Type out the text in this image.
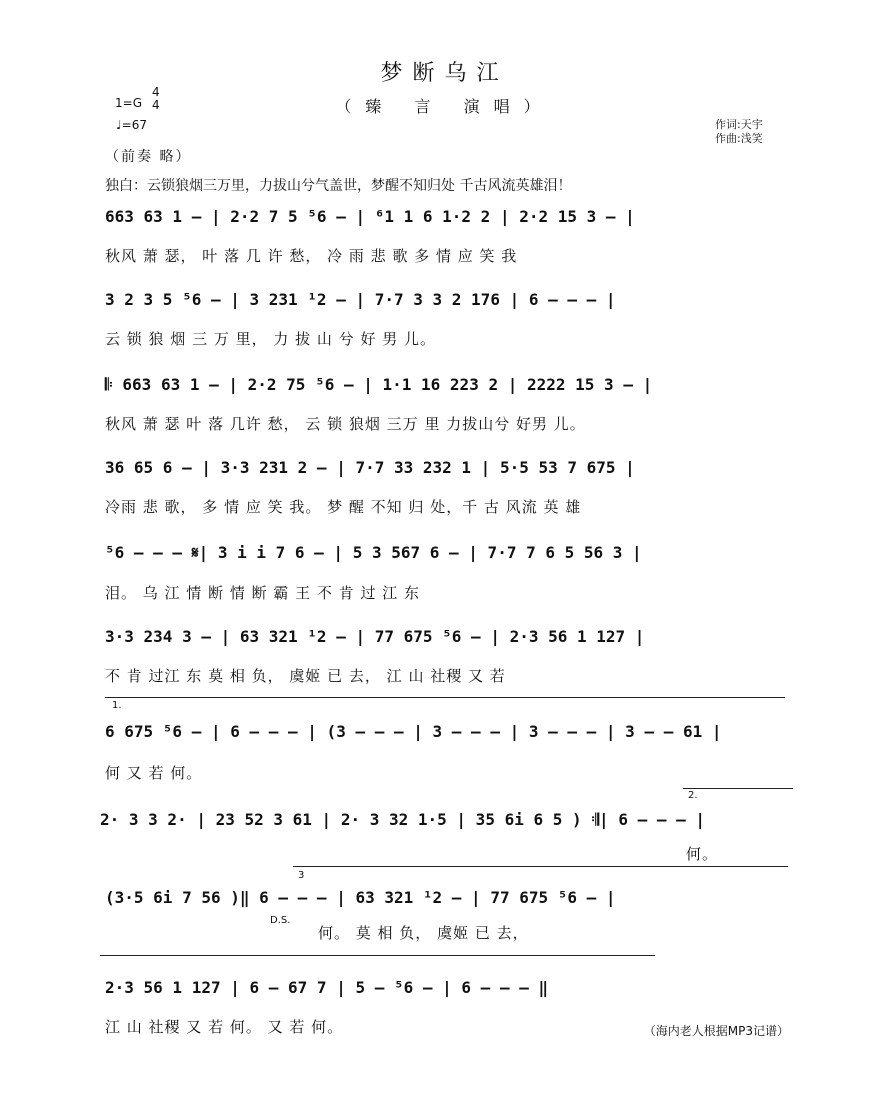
梦断乌江
（臻 言 演唱）
1=G
4
4
♩=67	作词:天宇
作曲:浅笑
（前奏 略）
独白：云锁狼烟三万里，力拔山兮气盖世，梦醒不知归处 千古风流英雄泪！
663 63 1 – | 2·2 7 5 ⁵6 – | ⁶1 1 6 1·2 2 | 2·2 15 3 – |
秋风 萧 瑟， 叶 落 几 许 愁， 冷 雨 悲 歌 多 情 应 笑 我
3 2 3 5 ⁵6 – | 3 231 ¹2 – | 7·7 3 3 2 176 | 6 – – – |
云 锁 狼 烟 三 万 里， 力 拔 山 兮 好 男 儿。
𝄆 663 63 1 – | 2·2 75 ⁵6 – | 1·1 16 223 2 | 2222 15 3 – |
秋风 萧 瑟 叶 落 几许 愁， 云 锁 狼烟 三万 里 力拔山兮 好男 儿。
36 65 6 – | 3·3 231 2 – | 7·7 33 232 1 | 5·5 53 7 675 |
冷雨 悲 歌， 多 情 应 笑 我。 梦 醒 不知 归 处，千 古 风流 英 雄
⁵6 – – – 𝄋| 3 i i 7 6 – | 5 3 567 6 – | 7·7 7 6 5 56 3 |
泪。 乌 江 情 断 情 断 霸 王 不 肯 过 江 东
3·3 234 3 – | 63 321 ¹2 – | 77 675 ⁵6 – | 2·3 56 1 127 |
不 肯 过江 东 莫 相 负， 虞姬 已 去， 江 山 社稷 又 若
1.
6 675 ⁵6 – | 6 – – – | (3 – – – | 3 – – – | 3 – – – | 3 – – 61 |
何 又 若 何。
2.
2· 3 3 2· | 23 52 3 61 | 2· 3 32 1·5 | 35 6i 6 5 ) 𝄇| 6 – – – |
何。
3
(3·5 6i 7 56 )‖ 6 – – – | 63 321 ¹2 – | 77 675 ⁵6 – |
D.S.
何。 莫 相 负， 虞姬 已 去，
2·3 56 1 127 | 6 – 67 7 | 5 – ⁵6 – | 6 – – – ‖
江 山 社稷 又 若 何。 又 若 何。	（海内老人根据MP3记谱）
